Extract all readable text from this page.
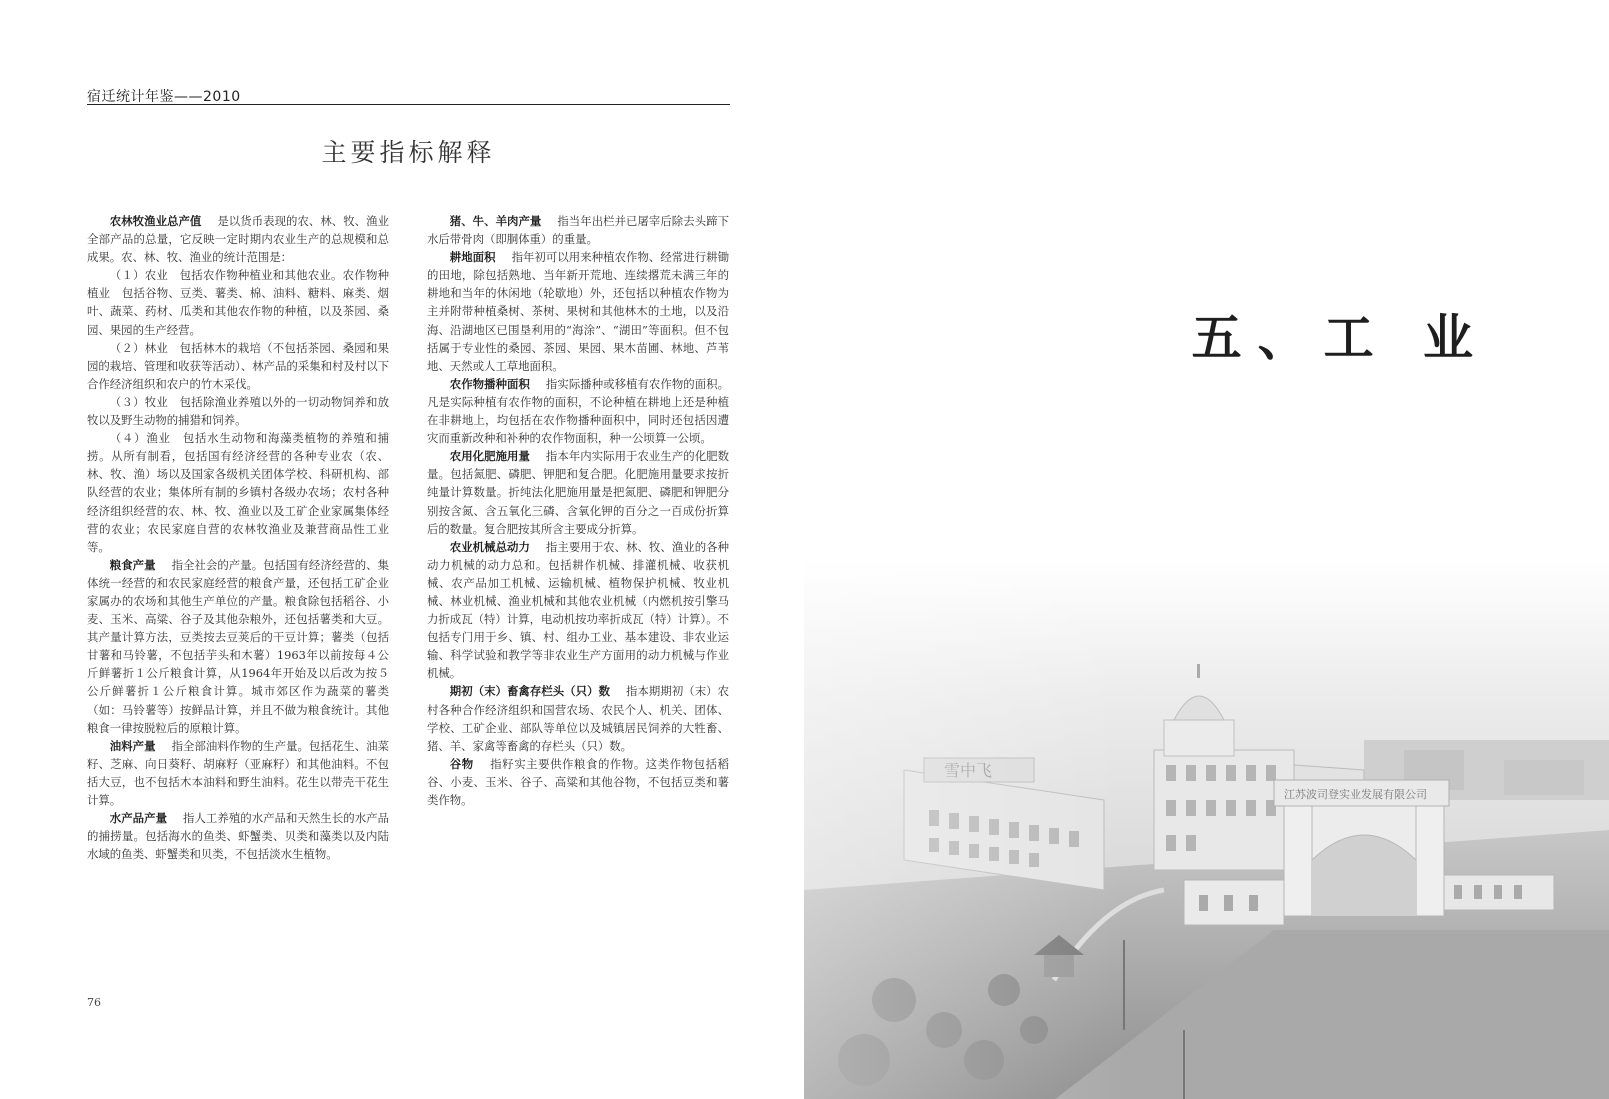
宿迁统计年鉴——2010
主要指标解释

农林牧渔业总产值 是以货币表现的农、林、牧、渔业全部产品的总量，它反映一定时期内农业生产的总规模和总成果。农、林、牧、渔业的统计范围是：

（１）农业　包括农作物种植业和其他农业。农作物种植业　包括谷物、豆类、薯类、棉、油料、糖料、麻类、烟叶、蔬菜、药材、瓜类和其他农作物的种植，以及茶园、桑园、果园的生产经营。

（２）林业　包括林木的栽培（不包括茶园、桑园和果园的栽培、管理和收获等活动）、林产品的采集和村及村以下合作经济组织和农户的竹木采伐。

（３）牧业　包括除渔业养殖以外的一切动物饲养和放牧以及野生动物的捕猎和饲养。

（４）渔业　包括水生动物和海藻类植物的养殖和捕捞。从所有制看，包括国有经济经营的各种专业农（农、林、牧、渔）场以及国家各级机关团体学校、科研机构、部队经营的农业；集体所有制的乡镇村各级办农场；农村各种经济组织经营的农、林、牧、渔业以及工矿企业家属集体经营的农业；农民家庭自营的农林牧渔业及兼营商品性工业等。

粮食产量 指全社会的产量。包括国有经济经营的、集体统一经营的和农民家庭经营的粮食产量，还包括工矿企业家属办的农场和其他生产单位的产量。粮食除包括稻谷、小麦、玉米、高粱、谷子及其他杂粮外，还包括薯类和大豆。其产量计算方法，豆类按去豆荚后的干豆计算；薯类（包括甘薯和马铃薯，不包括芋头和木薯）1963年以前按每４公斤鲜薯折１公斤粮食计算，从1964年开始及以后改为按５公斤鲜薯折１公斤粮食计算。城市郊区作为蔬菜的薯类（如：马铃薯等）按鲜品计算，并且不做为粮食统计。其他粮食一律按脱粒后的原粮计算。

油料产量 指全部油料作物的生产量。包括花生、油菜籽、芝麻、向日葵籽、胡麻籽（亚麻籽）和其他油料。不包括大豆，也不包括木本油料和野生油料。花生以带壳干花生计算。

水产品产量 指人工养殖的水产品和天然生长的水产品的捕捞量。包括海水的鱼类、虾蟹类、贝类和藻类以及内陆水域的鱼类、虾蟹类和贝类，不包括淡水生植物。

猪、牛、羊肉产量 指当年出栏并已屠宰后除去头蹄下水后带骨肉（即胴体重）的重量。

耕地面积 指年初可以用来种植农作物、经常进行耕锄的田地，除包括熟地、当年新开荒地、连续撂荒未满三年的耕地和当年的休闲地（轮歇地）外，还包括以种植农作物为主并附带种植桑树、茶树、果树和其他林木的土地，以及沿海、沿湖地区已围垦利用的“海涂”、“湖田”等面积。但不包括属于专业性的桑园、茶园、果园、果木苗圃、林地、芦苇地、天然或人工草地面积。

农作物播种面积 指实际播种或移植有农作物的面积。凡是实际种植有农作物的面积，不论种植在耕地上还是种植在非耕地上，均包括在农作物播种面积中，同时还包括因遭灾而重新改种和补种的农作物面积，种一公顷算一公顷。

农用化肥施用量 指本年内实际用于农业生产的化肥数量。包括氮肥、磷肥、钾肥和复合肥。化肥施用量要求按折纯量计算数量。折纯法化肥施用量是把氮肥、磷肥和钾肥分别按含氮、含五氧化三磷、含氧化钾的百分之一百成份折算后的数量。复合肥按其所含主要成分折算。

农业机械总动力 指主要用于农、林、牧、渔业的各种动力机械的动力总和。包括耕作机械、排灌机械、收获机械、农产品加工机械、运输机械、植物保护机械、牧业机械、林业机械、渔业机械和其他农业机械（内燃机按引擎马力折成瓦（特）计算，电动机按功率折成瓦（特）计算）。不包括专门用于乡、镇、村、组办工业、基本建设、非农业运输、科学试验和教学等非农业生产方面用的动力机械与作业机械。

期初（末）畜禽存栏头（只）数 指本期期初（末）农村各种合作经济组织和国营农场、农民个人、机关、团体、学校、工矿企业、部队等单位以及城镇居民饲养的大牲畜、猪、羊、家禽等畜禽的存栏头（只）数。

谷物 指籽实主要供作粮食的作物。这类作物包括稻谷、小麦、玉米、谷子、高粱和其他谷物，不包括豆类和薯类作物。

76
五、工 业
